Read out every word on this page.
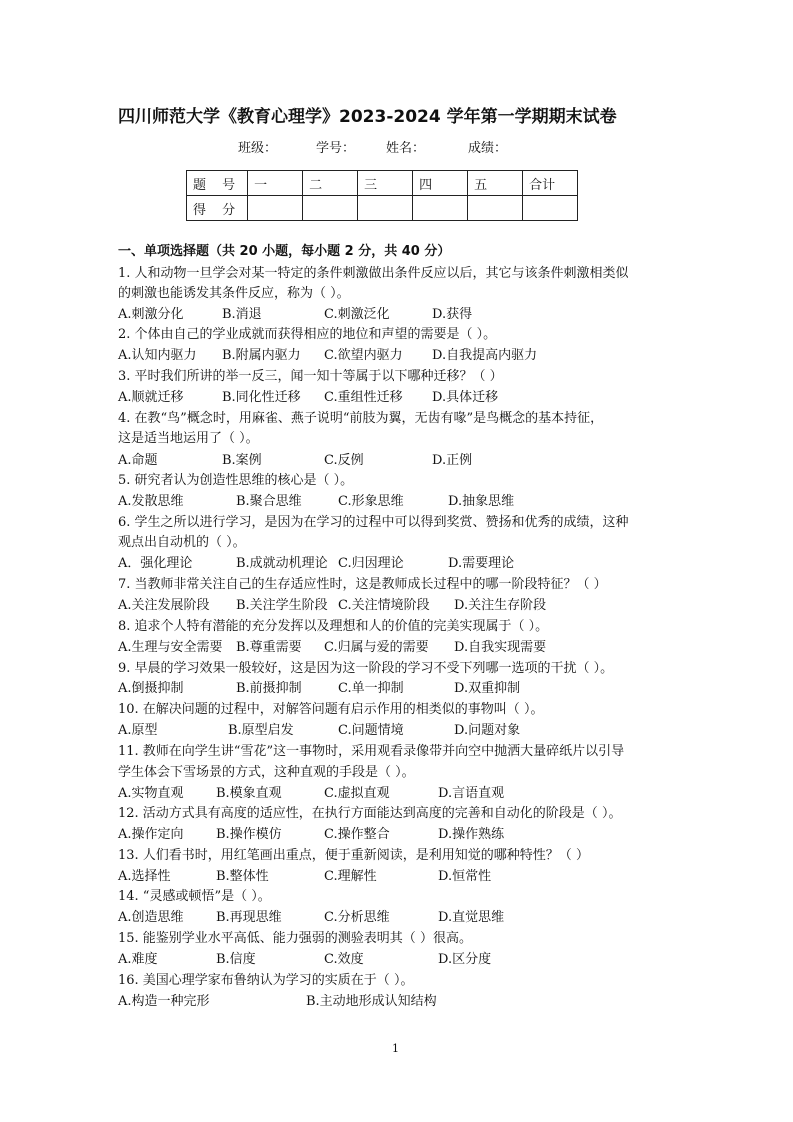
四川师范大学《教育心理学》2023-2024 学年第一学期期末试卷
班级：	学号： 姓名：	成绩：
题 号	一	二	三	四	五	合计
得 分						
一、单项选择题（共 20 小题，每小题 2 分，共 40 分）
1. 人和动物一旦学会对某一特定的条件刺激做出条件反应以后，其它与该条件刺激相类似
的刺激也能诱发其条件反应，称为（ ）。
A.刺激分化	B.消退	C.刺激泛化	D.获得
2. 个体由自己的学业成就而获得相应的地位和声望的需要是（ ）。
A.认知内驱力 B.附属内驱力 C.欲望内驱力 D.自我提高内驱力
3. 平时我们所讲的举一反三，闻一知十等属于以下哪种迁移？（ ）
A.顺就迁移	B.同化性迁移 C.重组性迁移 D.具体迁移
4. 在教“鸟”概念时，用麻雀、燕子说明“前肢为翼，无齿有喙”是鸟概念的基本持征，
这是适当地运用了（ ）。
A.命题	B.案例	C.反例	D.正例
5. 研究者认为创造性思维的核心是（ ）。
A.发散思维	B.聚合思维	C.形象思维	D.抽象思维
6. 学生之所以进行学习，是因为在学习的过程中可以得到奖赏、赞扬和优秀的成绩，这种
观点出自动机的（ ）。
A．强化理论	B.成就动机理论 C.归因理论	D.需要理论
7. 当教师非常关注自己的生存适应性时，这是教师成长过程中的哪一阶段特征？（ ）
A.关注发展阶段 B.关注学生阶段 C.关注情境阶段 D.关注生存阶段
8. 追求个人特有潜能的充分发挥以及理想和人的价值的完美实现属于（ ）。
A.生理与安全需要 B.尊重需要 C.归属与爱的需要 D.自我实现需要
9. 早晨的学习效果一般较好，这是因为这一阶段的学习不受下列哪一选项的干扰（ ）。
A.倒摄抑制	B.前摄抑制	C.单一抑制	D.双重抑制
10. 在解决问题的过程中，对解答问题有启示作用的相类似的事物叫（ ）。
A.原型	B.原型启发	C.问题情境	D.问题对象
11. 教师在向学生讲“雪花”这一事物时，采用观看录像带并向空中抛洒大量碎纸片以引导
学生体会下雪场景的方式，这种直观的手段是（ ）。
A.实物直观 B.模象直观	C.虚拟直观	D.言语直观
12. 活动方式具有高度的适应性，在执行方面能达到高度的完善和自动化的阶段是（ ）。
A.操作定向 B.操作模仿	C.操作整合	D.操作熟练
13. 人们看书时，用红笔画出重点，便于重新阅读，是利用知觉的哪种特性？（ ）
A.选择性	B.整体性	C.理解性	D.恒常性
14. “灵感或顿悟”是（ ）。
A.创造思维 B.再现思维	C.分析思维	D.直觉思维
15. 能鉴别学业水平高低、能力强弱的测验表明其（ ）很高。
A.难度	B.信度	C.效度	D.区分度
16. 美国心理学家布鲁纳认为学习的实质在于（ ）。
A.构造一种完形	B.主动地形成认知结构
1
